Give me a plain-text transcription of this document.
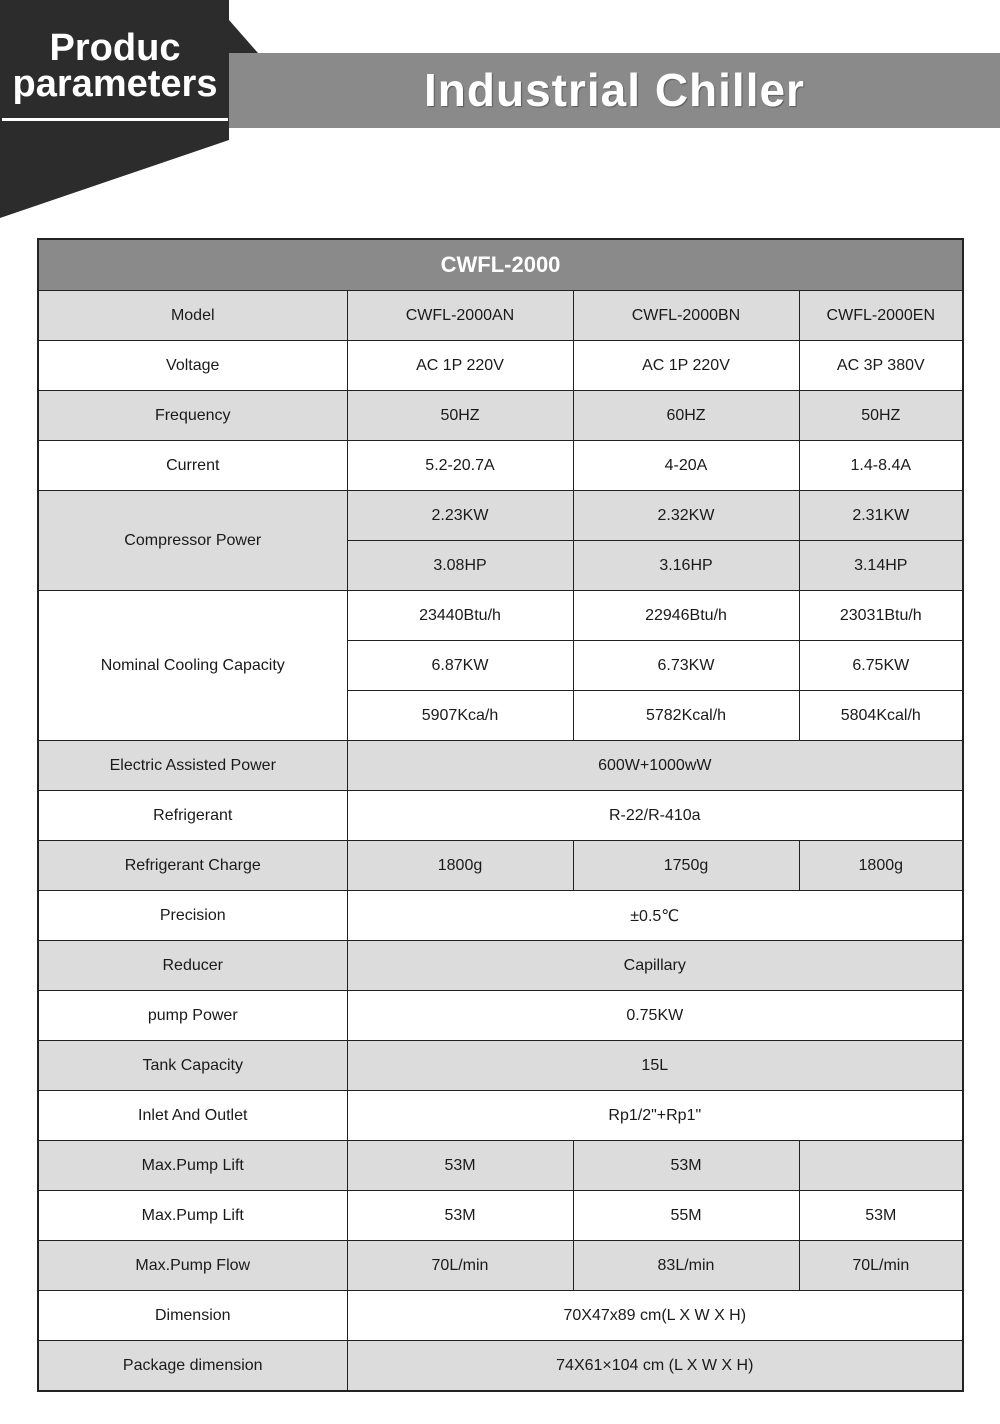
Industrial Chiller
Produc
parameters
CWFL-2000			
Model	CWFL-2000AN	CWFL-2000BN	CWFL-2000EN
Voltage	AC 1P 220V	AC 1P 220V	AC 3P 380V
Frequency	50HZ	60HZ	50HZ
Current	5.2-20.7A	4-20A	1.4-8.4A
Compressor Power	2.23KW	2.32KW	2.31KW
	3.08HP	3.16HP	3.14HP
Nominal Cooling Capacity	23440Btu/h	22946Btu/h	23031Btu/h
	6.87KW	6.73KW	6.75KW
	5907Kca/h	5782Kcal/h	5804Kcal/h
Electric Assisted Power	600W+1000wW		
Refrigerant	R-22/R-410a		
Refrigerant Charge	1800g	1750g	1800g
Precision	±0.5℃		
Reducer	Capillary		
pump Power	0.75KW		
Tank Capacity	15L		
Inlet And Outlet	Rp1/2"+Rp1"		
Max.Pump Lift	53M	53M	
Max.Pump Lift	53M	55M	53M
Max.Pump Flow	70L/min	83L/min	70L/min
Dimension	70X47x89 cm(L X W X H)		
Package dimension	74X61×104 cm (L X W X H)		
